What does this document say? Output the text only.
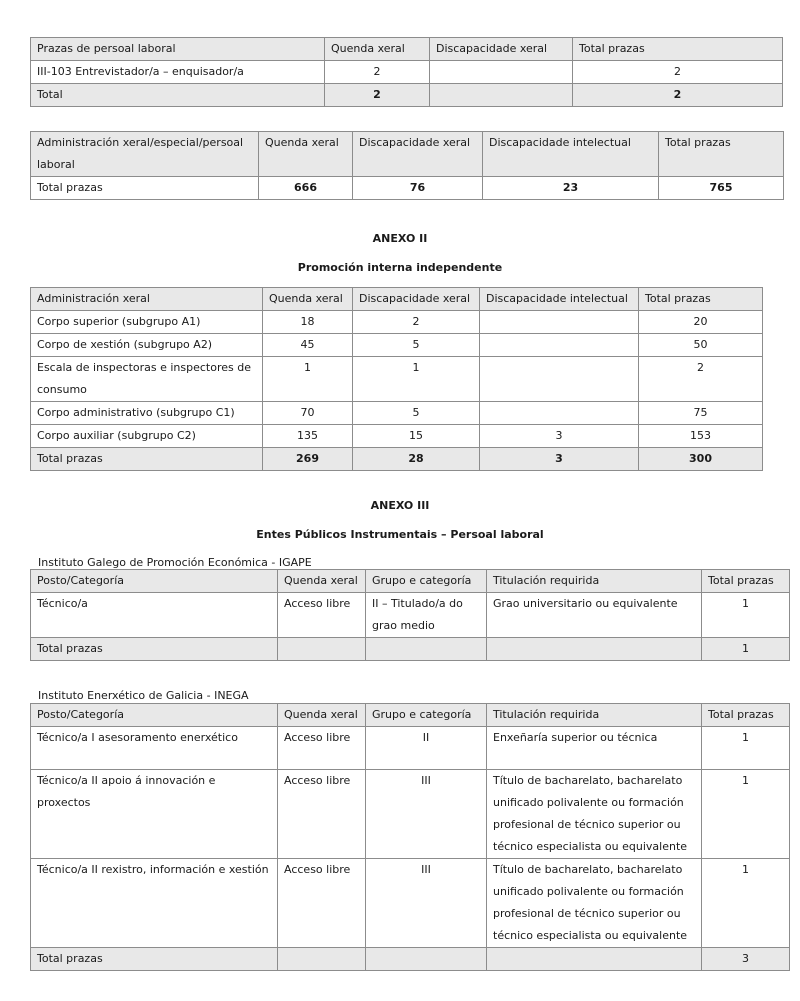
Prazas de persoal laboral	Quenda xeral	Discapacidade xeral	Total prazas
III-103 Entrevistador/a – enquisador/a	2		2
Total	2		2
Administración xeral/especial/persoal laboral	Quenda xeral	Discapacidade xeral	Discapacidade intelectual	Total prazas
Total prazas	666	76	23	765
ANEXO II
Promoción interna independente
Administración xeral	Quenda xeral	Discapacidade xeral	Discapacidade intelectual	Total prazas
Corpo superior (subgrupo A1)	18	2		20
Corpo de xestión (subgrupo A2)	45	5		50
Escala de inspectoras e inspectores de consumo	1	1		2
Corpo administrativo (subgrupo C1)	70	5		75
Corpo auxiliar (subgrupo C2)	135	15	3	153
Total prazas	269	28	3	300
ANEXO III
Entes Públicos Instrumentais – Persoal laboral
Instituto Galego de Promoción Económica - IGAPE
Posto/Categoría	Quenda xeral	Grupo e categoría	Titulación requirida	Total prazas
Técnico/a	Acceso libre	II – Titulado/a do grao medio	Grao universitario ou equivalente	1
Total prazas				1
Instituto Enerxético de Galicia - INEGA
Posto/Categoría	Quenda xeral	Grupo e categoría	Titulación requirida	Total prazas
Técnico/a I asesoramento enerxético	Acceso libre	II	Enxeñaría superior ou técnica	1
Técnico/a II apoio á innovación e proxectos	Acceso libre	III	Título de bacharelato, bacharelato unificado polivalente ou formación profesional de técnico superior ou técnico especialista ou equivalente	1
Técnico/a II rexistro, información e xestión	Acceso libre	III	Título de bacharelato, bacharelato unificado polivalente ou formación profesional de técnico superior ou técnico especialista ou equivalente	1
Total prazas				3
